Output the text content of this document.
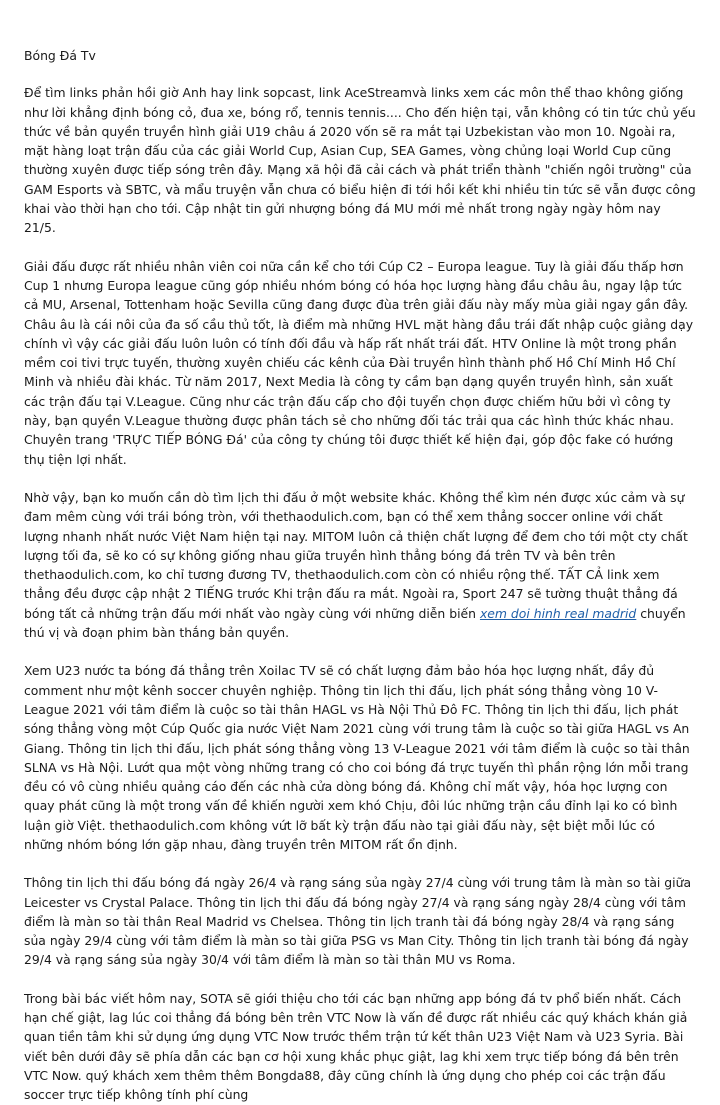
Bóng Đá Tv

Để tìm links phản hồi giờ Anh hay link sopcast, link AceStreamvà links xem các môn thể thao không giống như lời khẳng định bóng cỏ, đua xe, bóng rổ, tennis tennis.... Cho đến hiện tại, vẫn không có tin tức chủ yếu thức về bản quyền truyền hình giải U19 châu á 2020 vốn sẽ ra mắt tại Uzbekistan vào mon 10. Ngoài ra, mặt hàng loạt trận đấu của các giải World Cup, Asian Cup, SEA Games, vòng chủng loại World Cup cũng thường xuyên được tiếp sóng trên đây. Mạng xã hội đã cải cách và phát triển thành "chiến ngôi trường" của GAM Esports và SBTC, và mẩu truyện vẫn chưa có biểu hiện đi tới hồi kết khi nhiều tin tức sẽ vẫn được công khai vào thời hạn cho tới. Cập nhật tin gửi nhượng bóng đá MU mới mẻ nhất trong ngày ngày hôm nay 21/5.

Giải đấu được rất nhiều nhân viên coi nữa cần kể cho tới Cúp C2 – Europa league. Tuy là giải đấu thấp hơn Cup 1 nhưng Europa league cũng góp nhiều nhóm bóng có hóa học lượng hàng đầu châu âu, ngay lập tức cả MU, Arsenal, Tottenham hoặc Sevilla cũng đang được đùa trên giải đấu này mấy mùa giải ngay gần đây. Châu âu là cái nôi của đa số cầu thủ tốt, là điểm mà những HVL mặt hàng đầu trái đất nhập cuộc giảng dạy chính vì vậy các giải đấu luôn luôn có tính đối đầu và hấp rất nhất trái đất. HTV Online là một trong phần mềm coi tivi trực tuyến, thường xuyên chiếu các kênh của Đài truyền hình thành phố Hồ Chí Minh Hồ Chí Minh và nhiều đài khác. Từ năm 2017, Next Media là công ty cầm bạn dạng quyền truyền hình, sản xuất các trận đấu tại V.League. Cũng như các trận đấu cấp cho đội tuyển chọn được chiếm hữu bởi vì công ty này, bạn quyền V.League thường được phân tách sẻ cho những đối tác trải qua các hình thức khác nhau. Chuyên trang 'TRỰC TIẾP BÓNG Đá' của công ty chúng tôi được thiết kế hiện đại, góp độc fake có hướng thụ tiện lợi nhất.

Nhờ vậy, bạn ko muốn cần dò tìm lịch thi đấu ở một website khác. Không thể kìm nén được xúc cảm và sự đam mêm cùng với trái bóng tròn, với thethaodulich.com, bạn có thể xem thẳng soccer online với chất lượng nhanh nhất nước Việt Nam hiện tại nay. MITOM luôn cả thiện chất lượng để đem cho tới một cty chất lượng tối đa, sẽ ko có sự không giống nhau giữa truyền hình thẳng bóng đá trên TV và bên trên thethaodulich.com, ko chỉ tương đương TV, thethaodulich.com còn có nhiều rộng thế. TẤT CẢ link xem thẳng đều được cập nhật 2 TIẾNG trước Khi trận đấu ra mắt. Ngoài ra, Sport 247 sẽ tường thuật thẳng đá bóng tất cả những trận đấu mới nhất vào ngày cùng với những diễn biến xem doi hinh real madrid chuyển thú vị và đoạn phim bàn thắng bản quyền.

Xem U23 nước ta bóng đá thẳng trên Xoilac TV sẽ có chất lượng đảm bảo hóa học lượng nhất, đầy đủ comment như một kênh soccer chuyên nghiệp. Thông tin lịch thi đấu, lịch phát sóng thẳng vòng 10 V-League 2021 với tâm điểm là cuộc so tài thân HAGL vs Hà Nội Thủ Đô FC. Thông tin lịch thi đấu, lịch phát sóng thẳng vòng một Cúp Quốc gia nước Việt Nam 2021 cùng với trung tâm là cuộc so tài giữa HAGL vs An Giang. Thông tin lịch thi đấu, lịch phát sóng thẳng vòng 13 V-League 2021 với tâm điểm là cuộc so tài thân SLNA vs Hà Nội. Lướt qua một vòng những trang có cho coi bóng đá trực tuyến thì phần rộng lớn mỗi trang đều có vô cùng nhiều quảng cáo đến các nhà cửa dòng bóng đá. Không chỉ mất vậy, hóa học lượng con quay phát cũng là một trong vấn đề khiến người xem khó Chịu, đôi lúc những trận cầu đỉnh lại ko có bình luận giờ Việt. thethaodulich.com không vứt lỡ bất kỳ trận đấu nào tại giải đấu này, sệt biệt mỗi lúc có những nhóm bóng lớn gặp nhau, đàng truyền trên MITOM rất ổn định.

Thông tin lịch thi đấu bóng đá ngày 26/4 và rạng sáng sủa ngày 27/4 cùng với trung tâm là màn so tài giữa Leicester vs Crystal Palace. Thông tin lịch thi đấu đá bóng ngày 27/4 và rạng sáng ngày 28/4 cùng với tâm điểm là màn so tài thân Real Madrid vs Chelsea. Thông tin lịch tranh tài đá bóng ngày 28/4 và rạng sáng sủa ngày 29/4 cùng với tâm điểm là màn so tài giữa PSG vs Man City. Thông tin lịch tranh tài bóng đá ngày 29/4 và rạng sáng sủa ngày 30/4 với tâm điểm là màn so tài thân MU vs Roma.

Trong bài bác viết hôm nay, SOTA sẽ giới thiệu cho tới các bạn những app bóng đá tv phổ biến nhất. Cách hạn chế giật, lag lúc coi thẳng đá bóng bên trên VTC Now là vấn đề được rất nhiều các quý khách khán giả quan tiền tâm khi sử dụng ứng dụng VTC Now trước thềm trận tứ kết thân U23 Việt Nam và U23 Syria. Bài viết bên dưới đây sẽ phía dẫn các bạn cơ hội xung khắc phục giật, lag khi xem trực tiếp bóng đá bên trên VTC Now. quý khách xem thêm thêm Bongda88, đây cũng chính là ứng dụng cho phép coi các trận đấu soccer trực tiếp không tính phí cùng
